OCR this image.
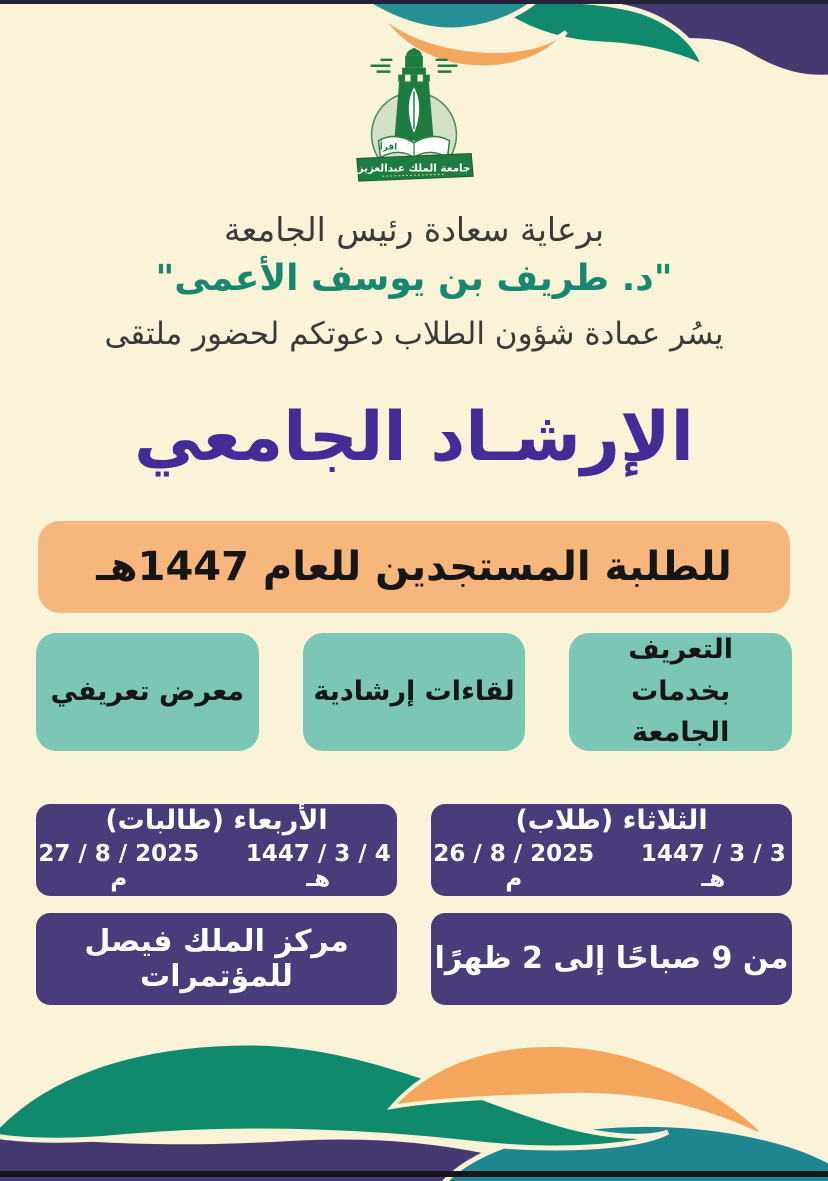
اقرأ
جامعة الملك عبدالعزيز

برعاية سعادة رئيس الجامعة

"د. طريف بن يوسف الأعمى"

يسُر عمادة شؤون الطلاب دعوتكم لحضور ملتقى

الإرشـاد الجامعي
للطلبة المستجدين للعام 1447هـ
التعريف بخدمات الجامعة
لقاءات إرشادية
معرض تعريفي
الثلاثاء (طلاب)
3 / 3 / 1447 هـ
26 / 8 / 2025 م
الأربعاء (طالبات)
4 / 3 / 1447 هـ
27 / 8 / 2025 م
من 9 صباحًا إلى 2 ظهرًا
مركز الملك فيصل للمؤتمرات
